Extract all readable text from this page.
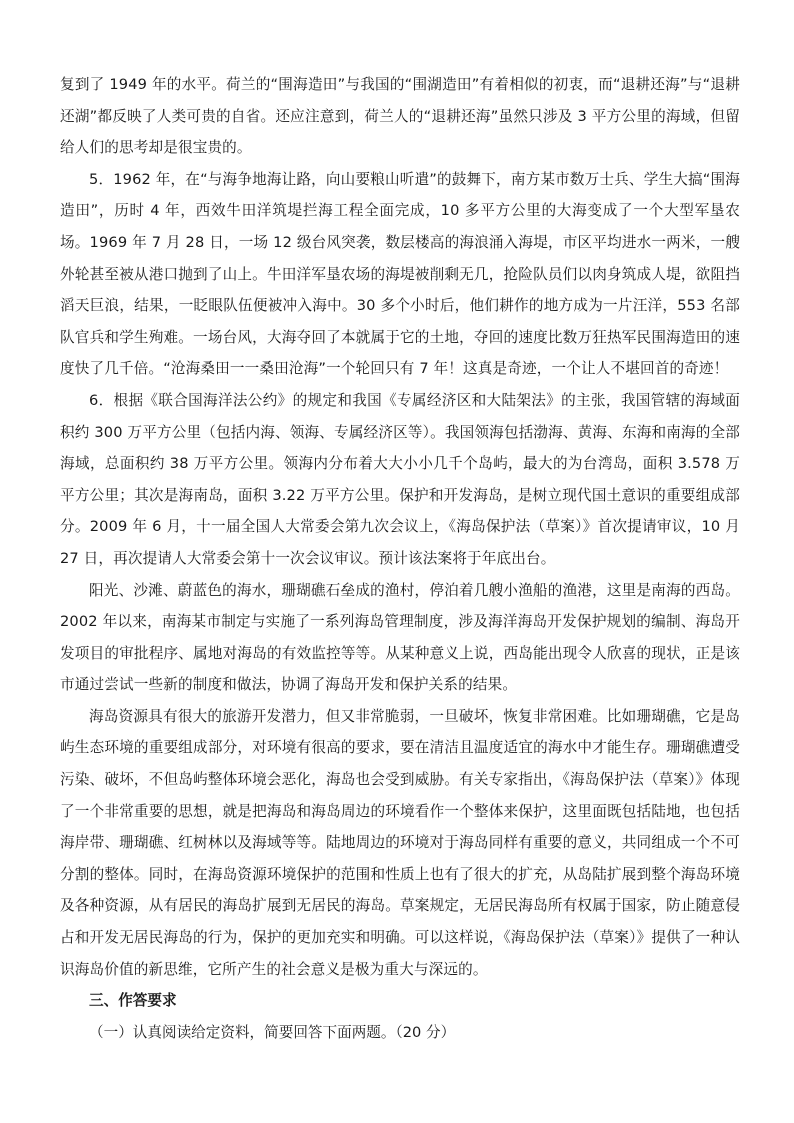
复到了 1949 年的水平。荷兰的“围海造田”与我国的“围湖造田”有着相似的初衷，而“退耕还海”与“退耕还湖”都反映了人类可贵的自省。还应注意到，荷兰人的“退耕还海”虽然只涉及 3 平方公里的海域，但留给人们的思考却是很宝贵的。

5．1962 年，在“与海争地海让路，向山要粮山听遣”的鼓舞下，南方某市数万士兵、学生大搞“围海造田”，历时 4 年，西效牛田洋筑堤拦海工程全面完成，10 多平方公里的大海变成了一个大型军垦农场。1969 年 7 月 28 日，一场 12 级台风突袭，数层楼高的海浪涌入海堤，市区平均进水一两米，一艘外轮甚至被从港口抛到了山上。牛田洋军垦农场的海堤被削剩无几，抢险队员们以肉身筑成人堤，欲阻挡滔天巨浪，结果，一眨眼队伍便被冲入海中。30 多个小时后，他们耕作的地方成为一片汪洋，553 名部队官兵和学生殉难。一场台风，大海夺回了本就属于它的土地，夺回的速度比数万狂热军民围海造田的速度快了几千倍。“沧海桑田一一桑田沧海”一个轮回只有 7 年！这真是奇迹，一个让人不堪回首的奇迹！

6．根据《联合国海洋法公约》的规定和我国《专属经济区和大陆架法》的主张，我国管辖的海域面积约 300 万平方公里（包括内海、领海、专属经济区等）。我国领海包括渤海、黄海、东海和南海的全部海域，总面积约 38 万平方公里。领海内分布着大大小小几千个岛屿，最大的为台湾岛，面积 3.578 万平方公里；其次是海南岛，面积 3.22 万平方公里。保护和开发海岛，是树立现代国土意识的重要组成部分。2009 年 6 月，十一届全国人大常委会第九次会议上，《海岛保护法（草案）》首次提请审议，10 月 27 日，再次提请人大常委会第十一次会议审议。预计该法案将于年底出台。

阳光、沙滩、蔚蓝色的海水，珊瑚礁石垒成的渔村，停泊着几艘小渔船的渔港，这里是南海的西岛。2002 年以来，南海某市制定与实施了一系列海岛管理制度，涉及海洋海岛开发保护规划的编制、海岛开发项目的审批程序、属地对海岛的有效监控等等。从某种意义上说，西岛能出现令人欣喜的现状，正是该市通过尝试一些新的制度和做法，协调了海岛开发和保护关系的结果。

海岛资源具有很大的旅游开发潜力，但又非常脆弱，一旦破坏，恢复非常困难。比如珊瑚礁，它是岛屿生态环境的重要组成部分，对环境有很高的要求，要在清洁且温度适宜的海水中才能生存。珊瑚礁遭受污染、破坏，不但岛屿整体环境会恶化，海岛也会受到威胁。有关专家指出，《海岛保护法（草案）》体现了一个非常重要的思想，就是把海岛和海岛周边的环境看作一个整体来保护，这里面既包括陆地，也包括海岸带、珊瑚礁、红树林以及海域等等。陆地周边的环境对于海岛同样有重要的意义，共同组成一个不可分割的整体。同时，在海岛资源环境保护的范围和性质上也有了很大的扩充，从岛陆扩展到整个海岛环境及各种资源，从有居民的海岛扩展到无居民的海岛。草案规定，无居民海岛所有权属于国家，防止随意侵占和开发无居民海岛的行为，保护的更加充实和明确。可以这样说，《海岛保护法（草案）》提供了一种认识海岛价值的新思维，它所产生的社会意义是极为重大与深远的。

三、作答要求

（一）认真阅读给定资料，简要回答下面两题。（20 分）
